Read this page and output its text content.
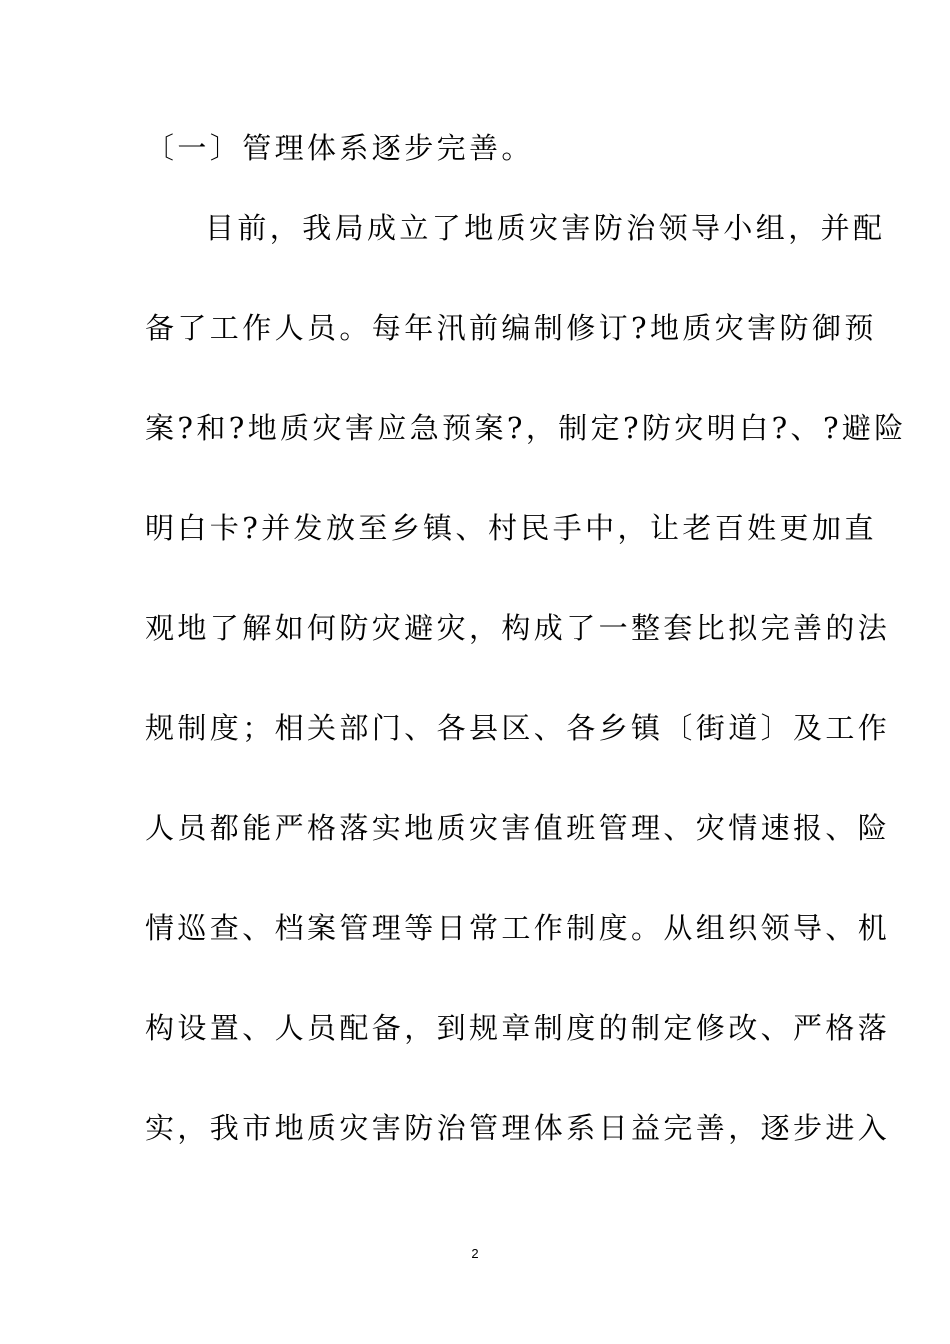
〔一〕管理体系逐步完善。
目前，我局成立了地质灾害防治领导小组，并配
备了工作人员。每年汛前编制修订?地质灾害防御预
案?和?地质灾害应急预案?，制定?防灾明白?、?避险
明白卡?并发放至乡镇、村民手中，让老百姓更加直
观地了解如何防灾避灾，构成了一整套比拟完善的法
规制度；相关部门、各县区、各乡镇〔街道〕及工作
人员都能严格落实地质灾害值班管理、灾情速报、险
情巡查、档案管理等日常工作制度。从组织领导、机
构设置、人员配备，到规章制度的制定修改、严格落
实，我市地质灾害防治管理体系日益完善，逐步进入
2
